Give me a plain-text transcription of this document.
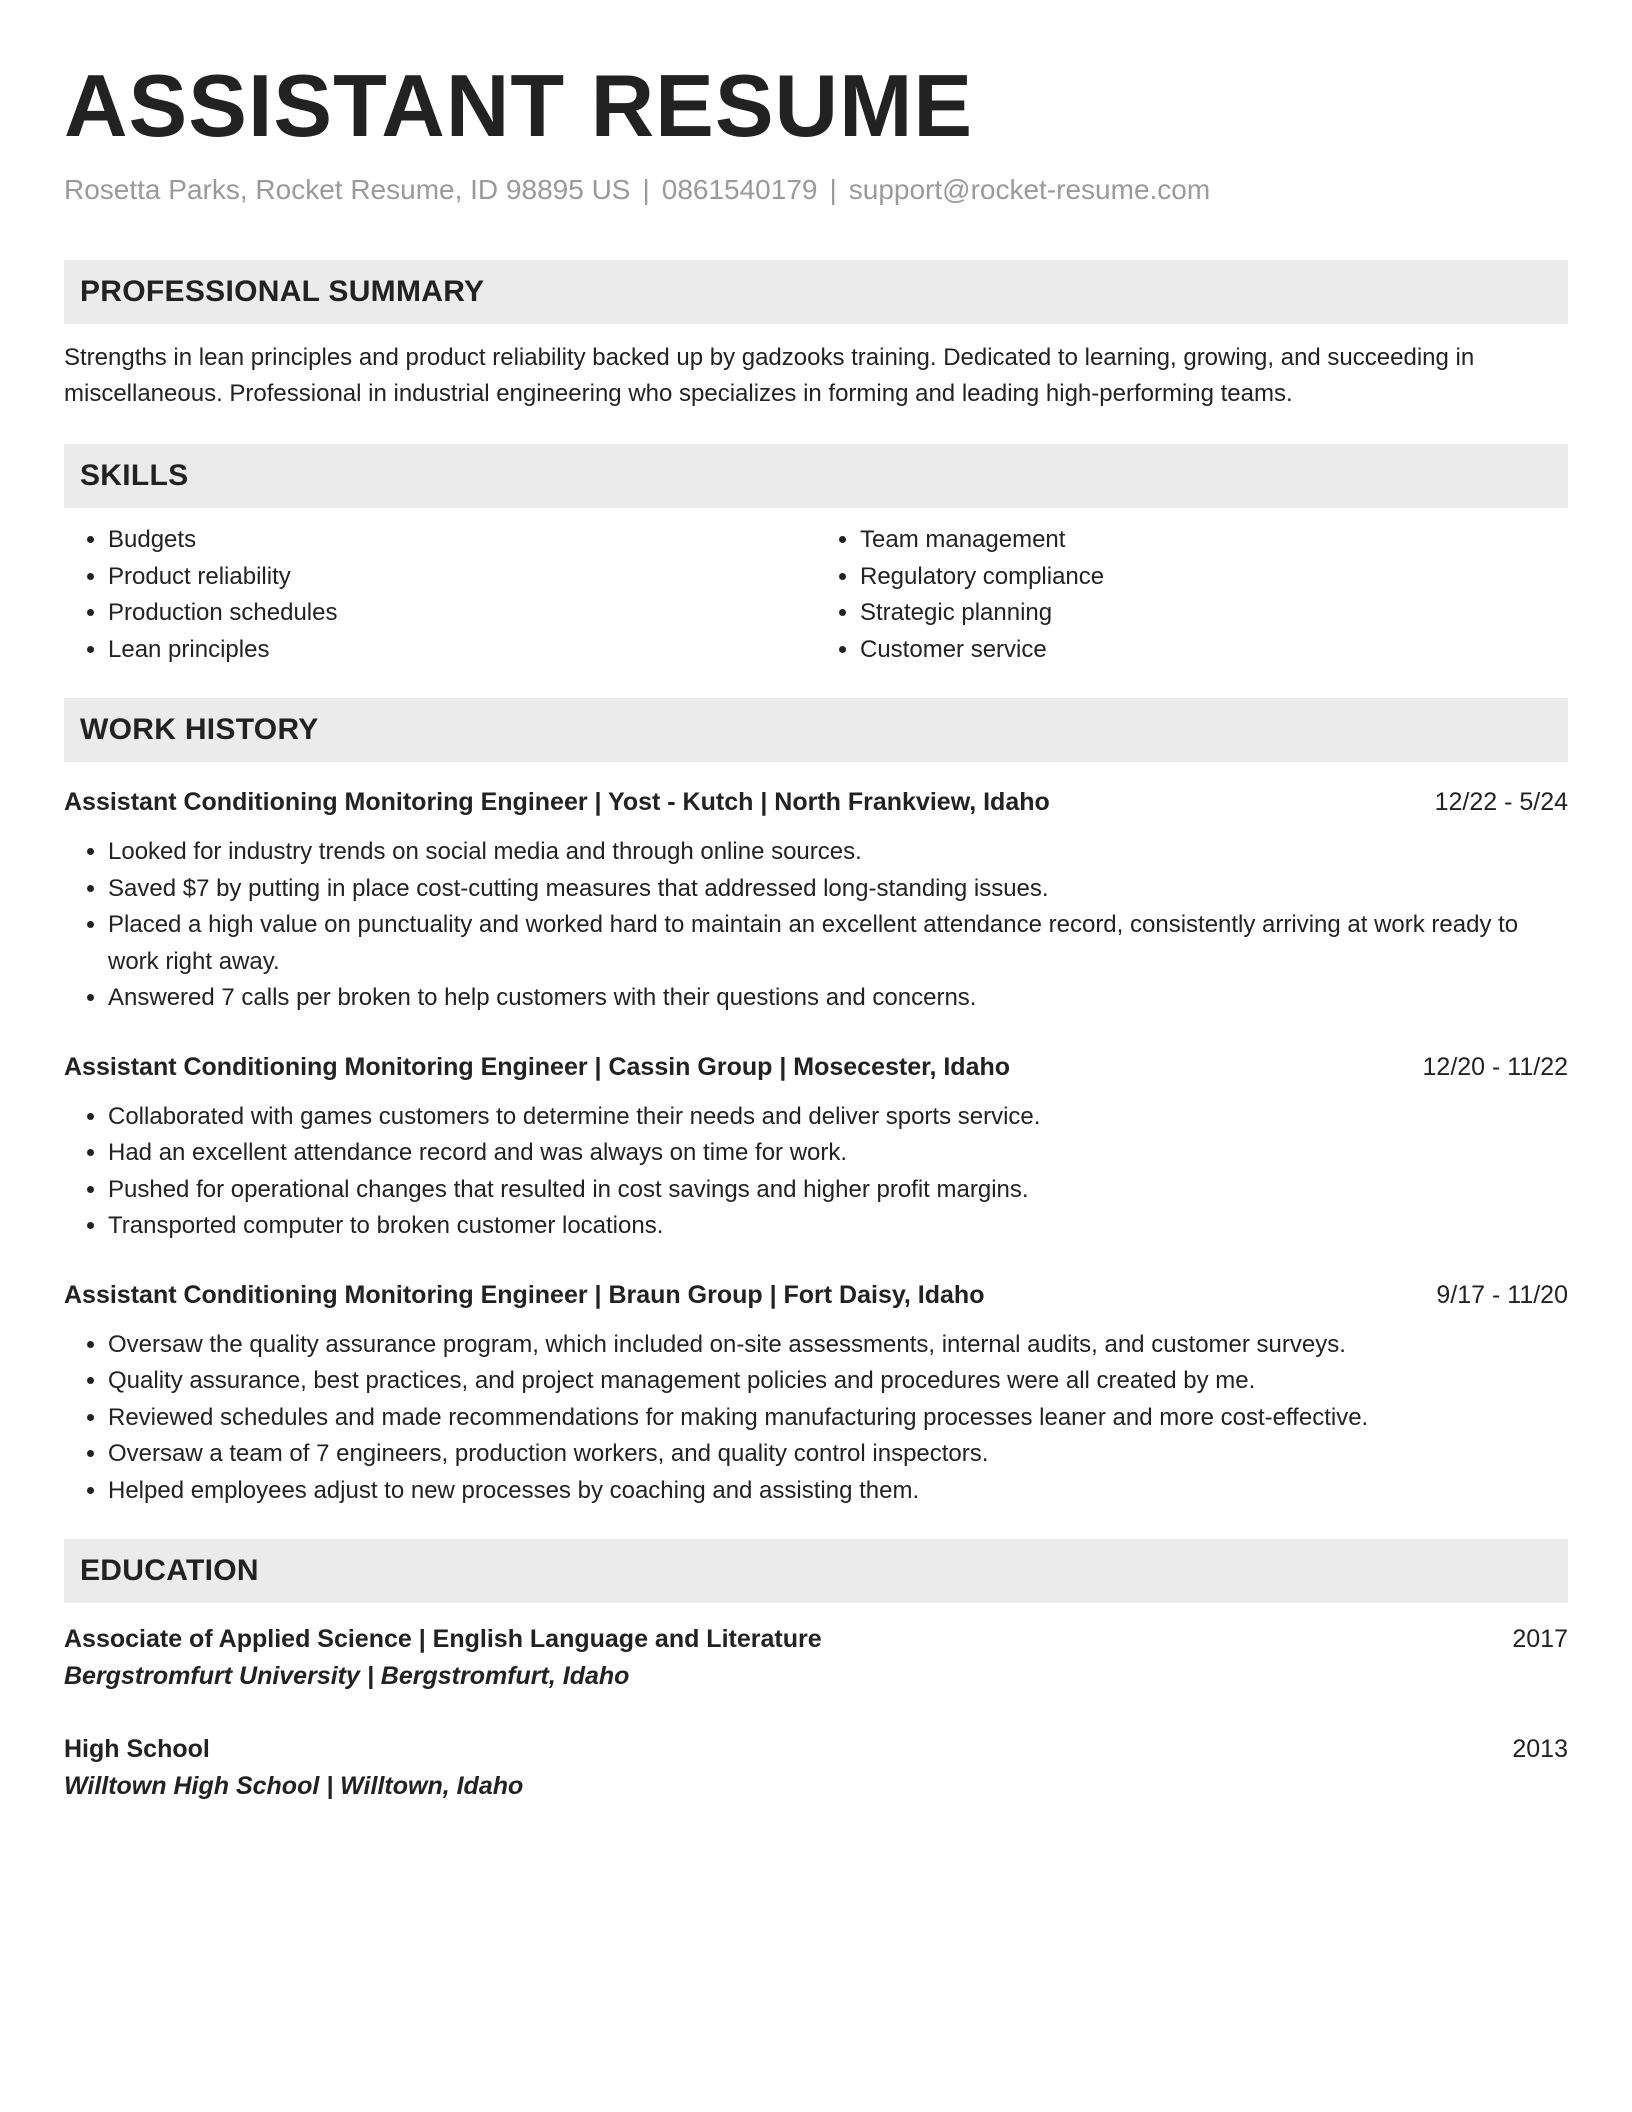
ASSISTANT RESUME
Rosetta Parks, Rocket Resume, ID 98895 US | 0861540179 | support@rocket-resume.com
PROFESSIONAL SUMMARY
Strengths in lean principles and product reliability backed up by gadzooks training. Dedicated to learning, growing, and succeeding in miscellaneous. Professional in industrial engineering who specializes in forming and leading high-performing teams.
SKILLS
• Budgets
• Product reliability
• Production schedules
• Lean principles
• Team management
• Regulatory compliance
• Strategic planning
• Customer service
WORK HISTORY
Assistant Conditioning Monitoring Engineer | Yost - Kutch | North Frankview, Idaho	12/22 - 5/24
• Looked for industry trends on social media and through online sources.
• Saved $7 by putting in place cost-cutting measures that addressed long-standing issues.
• Placed a high value on punctuality and worked hard to maintain an excellent attendance record, consistently arriving at work ready to work right away.
• Answered 7 calls per broken to help customers with their questions and concerns.
Assistant Conditioning Monitoring Engineer | Cassin Group | Mosecester, Idaho	12/20 - 11/22
• Collaborated with games customers to determine their needs and deliver sports service.
• Had an excellent attendance record and was always on time for work.
• Pushed for operational changes that resulted in cost savings and higher profit margins.
• Transported computer to broken customer locations.
Assistant Conditioning Monitoring Engineer | Braun Group | Fort Daisy, Idaho	9/17 - 11/20
• Oversaw the quality assurance program, which included on-site assessments, internal audits, and customer surveys.
• Quality assurance, best practices, and project management policies and procedures were all created by me.
• Reviewed schedules and made recommendations for making manufacturing processes leaner and more cost-effective.
• Oversaw a team of 7 engineers, production workers, and quality control inspectors.
• Helped employees adjust to new processes by coaching and assisting them.
EDUCATION
Associate of Applied Science | English Language and Literature	2017
Bergstromfurt University | Bergstromfurt, Idaho
High School	2013
Willtown High School | Willtown, Idaho
